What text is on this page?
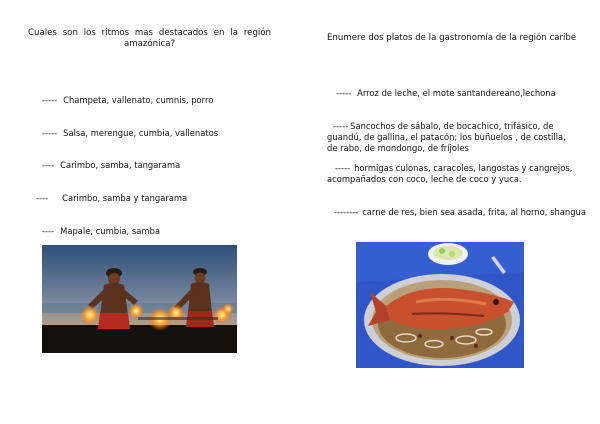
Cuales son los ritmos mas destacados en la región amazónica?
----- Champeta, vallenato, cumnis, porro
----- Salsa, merengue, cumbia, vallenatos
---- Carimbo, samba, tangarama
---- Carimbo, samba y tangarama
---- Mapale, cumbia, samba
Enumere dos platos de la gastronomía de la región caribe
----- Arroz de leche, el mote santandereano,lechona
----- Sancochos de sábalo, de bocachico, trifásico, de guandú, de gallina, el patacón; los buñuelos , de costilla, de rabo, de mondongo, de fríjoles
----- hormigas culonas, caracoles, langostas y cangrejos, acompañados con coco, leche de coco y yuca.
-------- carne de res, bien sea asada, frita, al horno, shangua
